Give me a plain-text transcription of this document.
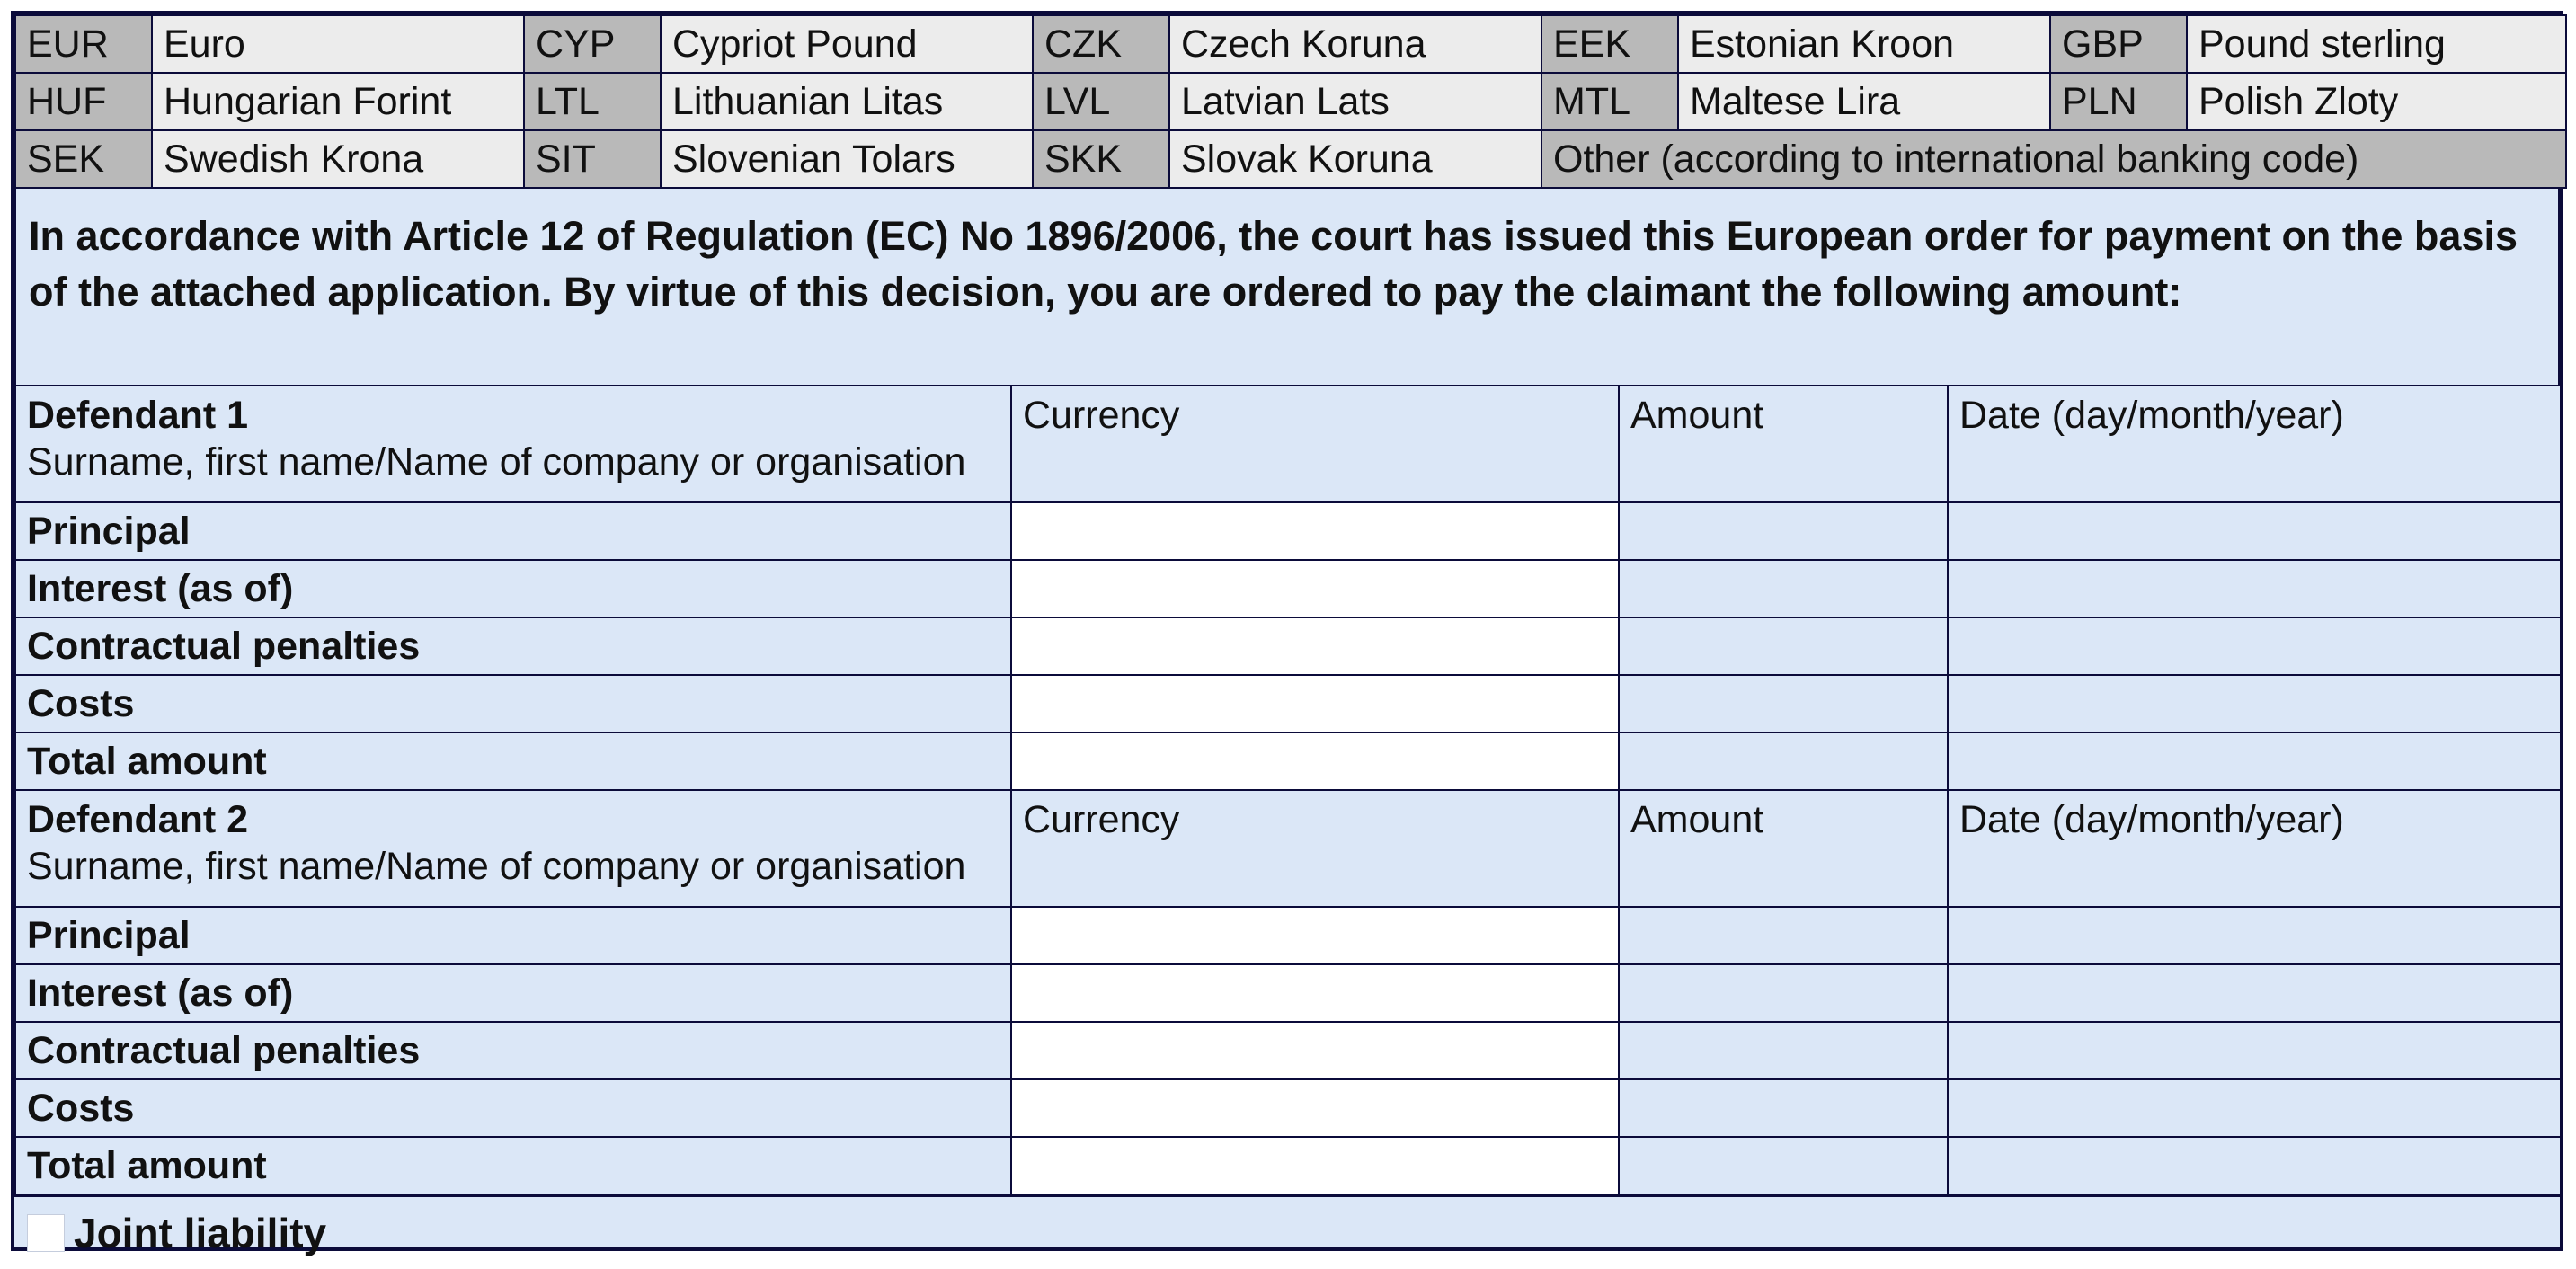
EUR	Euro	CYP	Cypriot Pound	CZK	Czech Koruna	EEK	Estonian Kroon	GBP	Pound sterling
HUF	Hungarian Forint	LTL	Lithuanian Litas	LVL	Latvian Lats	MTL	Maltese Lira	PLN	Polish Zloty
SEK	Swedish Krona	SIT	Slovenian Tolars	SKK	Slovak Koruna	Other (according to international banking code)			
In accordance with Article 12 of Regulation (EC) No 1896/2006, the court has issued this European order for payment on the basis of the attached application. By virtue of this decision, you are ordered to pay the claimant the following amount:
Defendant 1
Surname, first name/Name of company or organisation	Currency	Amount	Date (day/month/year)
Principal			
Interest (as of)			
Contractual penalties			
Costs			
Total amount			

Defendant 2
Surname, first name/Name of company or organisation	Currency	Amount	Date (day/month/year)
Principal			
Interest (as of)			
Contractual penalties			
Costs			
Total amount			
Joint liability
